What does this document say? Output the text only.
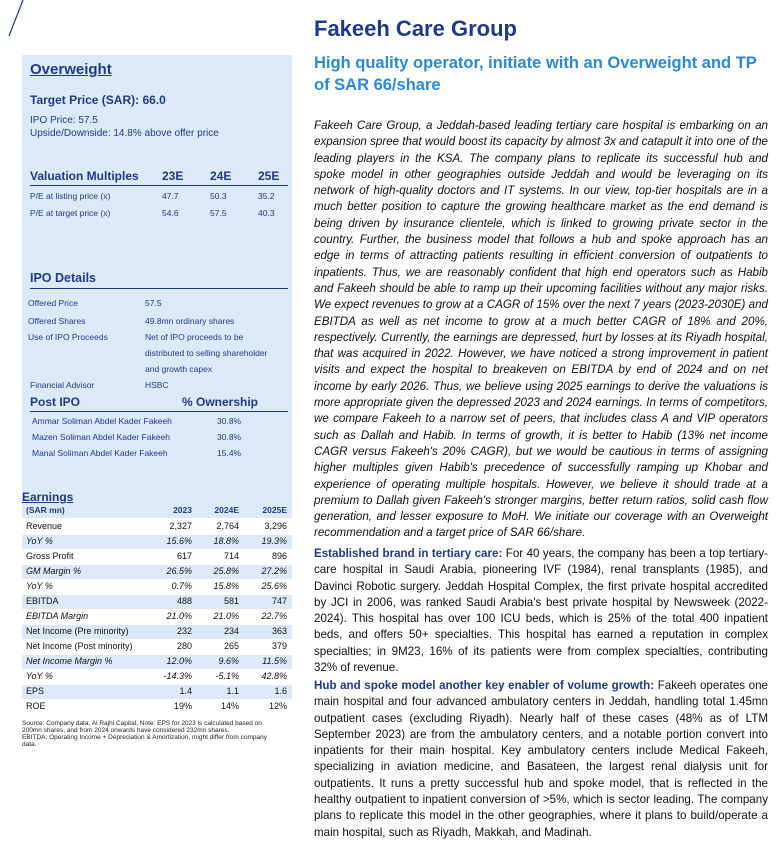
Overweight
Target Price (SAR): 66.0
IPO Price: 57.5
Upside/Downside: 14.8% above offer price
Valuation Multiples 23E 24E 25E

P/E at listing price (x)	47.7	50.3	35.2
P/E at target price (x)	54.6	57.5	40.3
IPO Details
Offered Price	57.5
Offered Shares	49.8mn ordinary shares
Use of IPO Proceeds	Net of IPO proceeds to be
distributed to selling shareholder
and growth capex
Financial Advisor	HSBC
Post IPO	% Ownership
Ammar Soliman Abdel Kader Fakeeh	30.8%
Mazen Soliman Abdel Kader Fakeeh	30.8%
Manal Soliman Abdel Kader Fakeeh	15.4%
Earnings
(SAR mn)	2023	2024E	2025E
Revenue	2,327	2,764	3,296
YoY %	15.6% 18.8% 19.3%
Gross Profit	617	714	896
GM Margin %	26.5% 25.8% 27.2%
YoY %	0.7% 15.8% 25.6%
EBITDA	488	581	747
EBITDA Margin	21.0% 21.0% 22.7%
Net Income (Pre minority)	232	234	363
Net Income (Post minority)	280	265	379
Net Income Margin %	12.0%	9.6%	11.5%
YoY %	-14.3%	-5.1% 42.8%
EPS	1.4	1.1	1.6
ROE	19%	14%	12%
Source: Company data, Al Rajhi Capital, Note: EPS for 2023 is calculated based on 200mn shares, and from 2024 onwards have considered 232mn shares.
EBITDA: Operating Income + Depreciation & Amortization, might differ from company data.
Fakeeh Care Group
High quality operator, initiate with an Overweight and TP of SAR 66/share
Fakeeh Care Group, a Jeddah-based leading tertiary care hospital is embarking on an expansion spree that would boost its capacity by almost 3x and catapult it into one of the leading players in the KSA. The company plans to replicate its successful hub and spoke model in other geographies outside Jeddah and would be leveraging on its network of high-quality doctors and IT systems. In our view, top-tier hospitals are in a much better position to capture the growing healthcare market as the end demand is being driven by insurance clientele, which is linked to growing private sector in the country. Further, the business model that follows a hub and spoke approach has an edge in terms of attracting patients resulting in efficient conversion of outpatients to inpatients. Thus, we are reasonably confident that high end operators such as Habib and Fakeeh should be able to ramp up their upcoming facilities without any major risks. We expect revenues to grow at a CAGR of 15% over the next 7 years (2023-2030E) and EBITDA as well as net income to grow at a much better CAGR of 18% and 20%, respectively. Currently, the earnings are depressed, hurt by losses at its Riyadh hospital, that was acquired in 2022. However, we have noticed a strong improvement in patient visits and expect the hospital to breakeven on EBITDA by end of 2024 and on net income by early 2026. Thus, we believe using 2025 earnings to derive the valuations is more appropriate given the depressed 2023 and 2024 earnings. In terms of competitors, we compare Fakeeh to a narrow set of peers, that includes class A and VIP operators such as Dallah and Habib. In terms of growth, it is better to Habib (13% net income CAGR versus Fakeeh's 20% CAGR), but we would be cautious in terms of assigning higher multiples given Habib's precedence of successfully ramping up Khobar and experience of operating multiple hospitals. However, we believe it should trade at a premium to Dallah given Fakeeh's stronger margins, better return ratios, solid cash flow generation, and lesser exposure to MoH. We initiate our coverage with an Overweight recommendation and a target price of SAR 66/share.
Established brand in tertiary care: For 40 years, the company has been a top tertiary-care hospital in Saudi Arabia, pioneering IVF (1984), renal transplants (1985), and Davinci Robotic surgery. Jeddah Hospital Complex, the first private hospital accredited by JCI in 2006, was ranked Saudi Arabia's best private hospital by Newsweek (2022-2024). This hospital has over 100 ICU beds, which is 25% of the total 400 inpatient beds, and offers 50+ specialties. This hospital has earned a reputation in complex specialties; in 9M23, 16% of its patients were from complex specialties, contributing 32% of revenue.
Hub and spoke model another key enabler of volume growth: Fakeeh operates one main hospital and four advanced ambulatory centers in Jeddah, handling total 1.45mn outpatient cases (excluding Riyadh). Nearly half of these cases (48% as of LTM September 2023) are from the ambulatory centers, and a notable portion convert into inpatients for their main hospital. Key ambulatory centers include Medical Fakeeh, specializing in aviation medicine, and Basateen, the largest renal dialysis unit for outpatients. It runs a pretty successful hub and spoke model, that is reflected in the healthy outpatient to inpatient conversion of >5%, which is sector leading. The company plans to replicate this model in the other geographies, where it plans to build/operate a main hospital, such as Riyadh, Makkah, and Madinah.
